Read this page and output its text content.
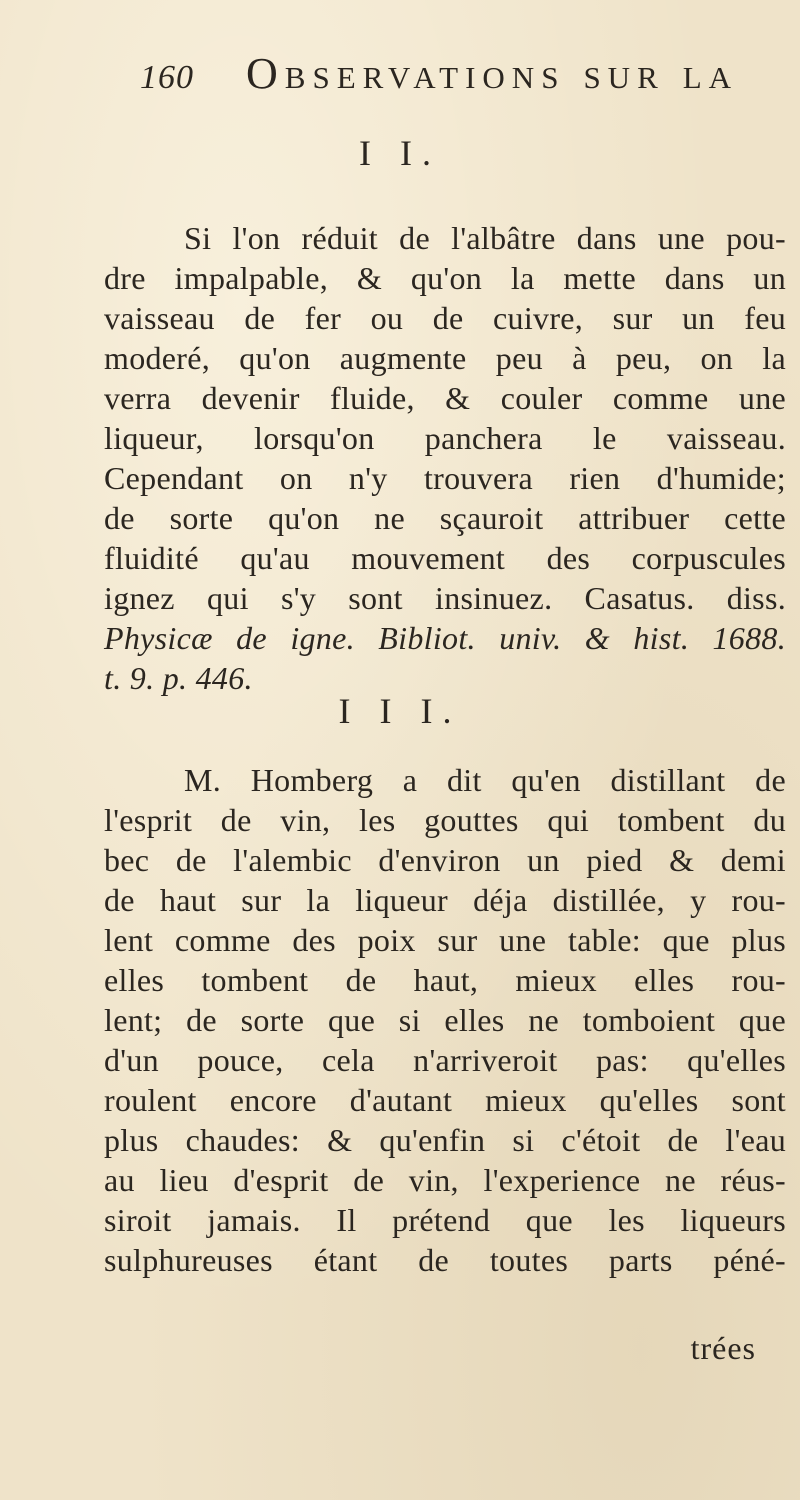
160 Observations sur la
I I.
Si l'on réduit de l'albâtre dans une pou-
dre impalpable, & qu'on la mette dans un
vaisseau de fer ou de cuivre, sur un feu
moderé, qu'on augmente peu à peu, on la
verra devenir fluide, & couler comme une
liqueur, lorsqu'on panchera le vaisseau.
Cependant on n'y trouvera rien d'humide;
de sorte qu'on ne sçauroit attribuer cette
fluidité qu'au mouvement des corpuscules
ignez qui s'y sont insinuez. Casatus. diss.
Physicæ de igne. Bibliot. univ. & hist. 1688.
t. 9. p. 446.
I I I.
M. Homberg a dit qu'en distillant de
l'esprit de vin, les gouttes qui tombent du
bec de l'alembic d'environ un pied & demi
de haut sur la liqueur déja distillée, y rou-
lent comme des poix sur une table: que plus
elles tombent de haut, mieux elles rou-
lent; de sorte que si elles ne tomboient que
d'un pouce, cela n'arriveroit pas: qu'elles
roulent encore d'autant mieux qu'elles sont
plus chaudes: & qu'enfin si c'étoit de l'eau
au lieu d'esprit de vin, l'experience ne réus-
siroit jamais. Il prétend que les liqueurs
sulphureuses étant de toutes parts péné-
trées
